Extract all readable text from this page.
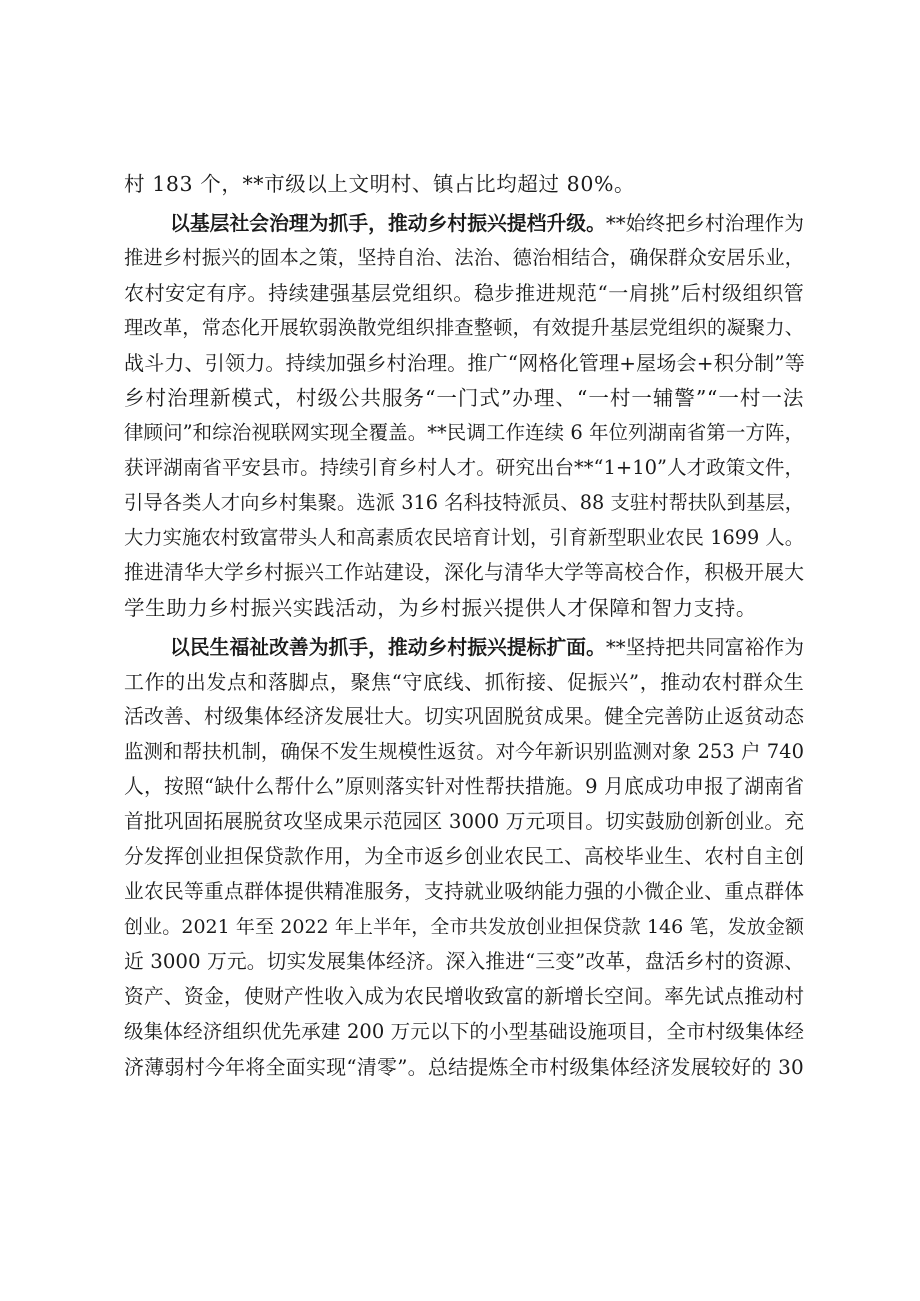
村 183 个，**市级以上文明村、镇占比均超过 80%。
以基层社会治理为抓手，推动乡村振兴提档升级。**始终把乡村治理作为
推进乡村振兴的固本之策，坚持自治、法治、德治相结合，确保群众安居乐业，
农村安定有序。持续建强基层党组织。稳步推进规范“一肩挑”后村级组织管
理改革，常态化开展软弱涣散党组织排查整顿，有效提升基层党组织的凝聚力、
战斗力、引领力。持续加强乡村治理。推广“网格化管理+屋场会+积分制”等
乡村治理新模式，村级公共服务“一门式”办理、“一村一辅警”“一村一法
律顾问”和综治视联网实现全覆盖。**民调工作连续 6 年位列湖南省第一方阵，
获评湖南省平安县市。持续引育乡村人才。研究出台**“1+10”人才政策文件，
引导各类人才向乡村集聚。选派 316 名科技特派员、88 支驻村帮扶队到基层，
大力实施农村致富带头人和高素质农民培育计划，引育新型职业农民 1699 人。
推进清华大学乡村振兴工作站建设，深化与清华大学等高校合作，积极开展大
学生助力乡村振兴实践活动，为乡村振兴提供人才保障和智力支持。
以民生福祉改善为抓手，推动乡村振兴提标扩面。**坚持把共同富裕作为
工作的出发点和落脚点，聚焦“守底线、抓衔接、促振兴”，推动农村群众生
活改善、村级集体经济发展壮大。切实巩固脱贫成果。健全完善防止返贫动态
监测和帮扶机制，确保不发生规模性返贫。对今年新识别监测对象 253 户 740
人，按照“缺什么帮什么”原则落实针对性帮扶措施。9 月底成功申报了湖南省
首批巩固拓展脱贫攻坚成果示范园区 3000 万元项目。切实鼓励创新创业。充
分发挥创业担保贷款作用，为全市返乡创业农民工、高校毕业生、农村自主创
业农民等重点群体提供精准服务，支持就业吸纳能力强的小微企业、重点群体
创业。2021 年至 2022 年上半年，全市共发放创业担保贷款 146 笔，发放金额
近 3000 万元。切实发展集体经济。深入推进“三变”改革，盘活乡村的资源、
资产、资金，使财产性收入成为农民增收致富的新增长空间。率先试点推动村
级集体经济组织优先承建 200 万元以下的小型基础设施项目，全市村级集体经
济薄弱村今年将全面实现“清零”。总结提炼全市村级集体经济发展较好的 30
